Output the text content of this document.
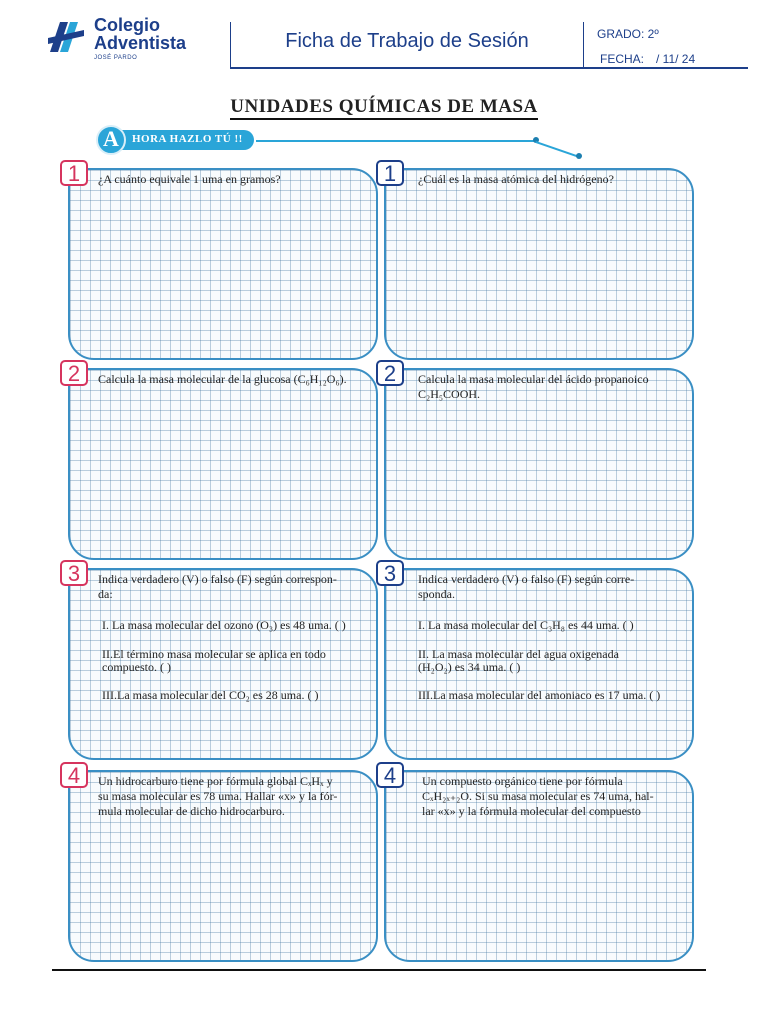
Colegio
Adventista
JOSÉ PARDO
Ficha de Trabajo de Sesión	GRADO: 2º
FECHA: / 11/ 24
UNIDADES QUÍMICAS DE MASA
A	HORA HAZLO TÚ !!
1	¿A cuánto equivale 1 uma en gramos?	1	¿Cuál es la masa atómica del hidrógeno?
2	Calcula la masa molecular de la glucosa (C₆H₁₂O₆).	2	Calcula la masa molecular del ácido propanoico
C₂H₅COOH.
3	Indica verdadero (V) o falso (F) según correspon-
da:
I. La masa molecular del ozono (O₃) es 48 uma. ( )
II.El término masa molecular se aplica en todo
compuesto. ( )
III.La masa molecular del CO₂ es 28 uma. ( )
3	Indica verdadero (V) o falso (F) según corre-
sponda.
I. La masa molecular del C₃H₈ es 44 uma. ( )
II. La masa molecular del agua oxigenada
(H₂O₂) es 34 uma. ( )
III.La masa molecular del amoniaco es 17 uma. ( )
4	Un hidrocarburo tiene por fórmula global CₓHₓ y
su masa molecular es 78 uma. Hallar «x» y la fór-
mula molecular de dicho hidrocarburo.
4	Un compuesto orgánico tiene por fórmula
CₓH₂ₓ₊₂O. Si su masa molecular es 74 uma, hal-
lar «x» y la fórmula molecular del compuesto
